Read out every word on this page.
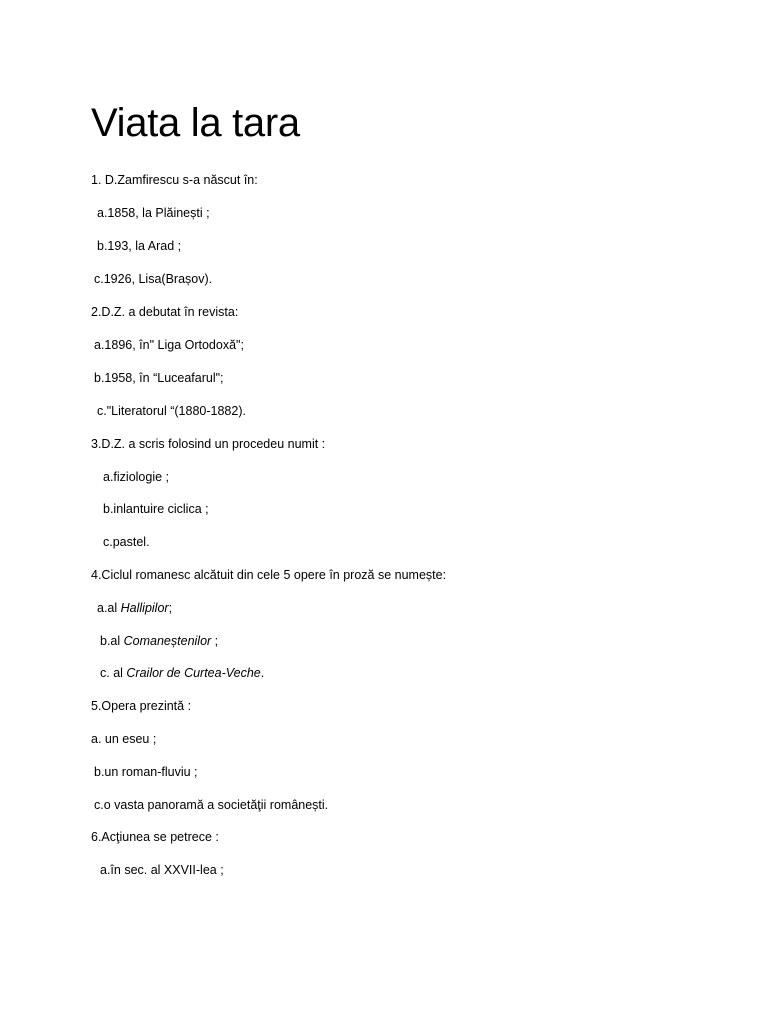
Viata la tara
1. D.Zamfirescu s-a născut în:
a.1858, la Plăinești ;
b.193, la Arad ;
c.1926, Lisa(Brașov).
2.D.Z. a debutat în revista:
a.1896, în" Liga Ortodoxă";
b.1958, în “Luceafarul";
c."Literatorul “(1880-1882).
3.D.Z. a scris folosind un procedeu numit :
a.fiziologie ;
b.inlantuire ciclica ;
c.pastel.
4.Ciclul romanesc alcătuit din cele 5 opere în proză se numește:
a.al Hallipilor;
b.al Comaneștenilor ;
c. al Crailor de Curtea-Veche.
5.Opera prezintă :
a. un eseu ;
b.un roman-fluviu ;
c.o vasta panoramă a societăţii românești.
6.Acţiunea se petrece :
a.în sec. al XXVII-lea ;
